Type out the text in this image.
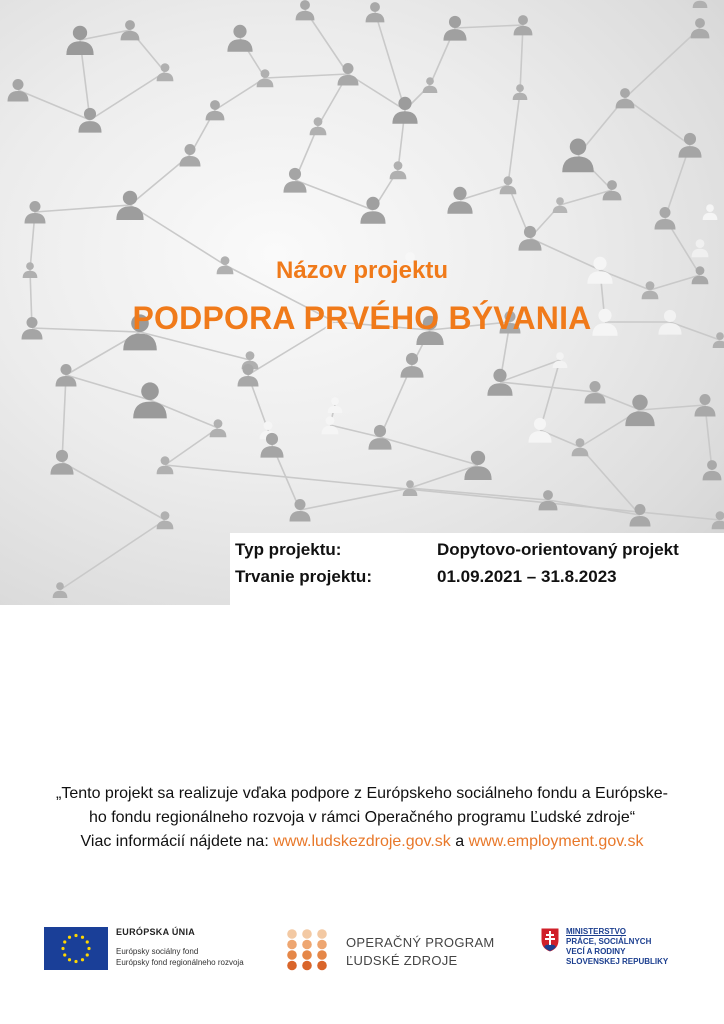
Názov projektu
PODPORA PRVÉHO BÝVANIA
Typ projektu:	Dopytovo-orientovaný projekt
Trvanie projektu:	01.09.2021 – 31.8.2023
„Tento projekt sa realizuje vďaka podpore z Európskeho sociálneho fondu a Európske-
ho fondu regionálneho rozvoja v rámci Operačného programu Ľudské zdroje“
Viac informácií nájdete na: www.ludskezdroje.gov.sk a www.employment.gov.sk
EURÓPSKA ÚNIA
Európsky sociálny fond
Európsky fond regionálneho rozvoja
OPERAČNÝ PROGRAM
ĽUDSKÉ ZDROJE
MINISTERSTVO
PRÁCE, SOCIÁLNYCH
VECÍ A RODINY
SLOVENSKEJ REPUBLIKY
